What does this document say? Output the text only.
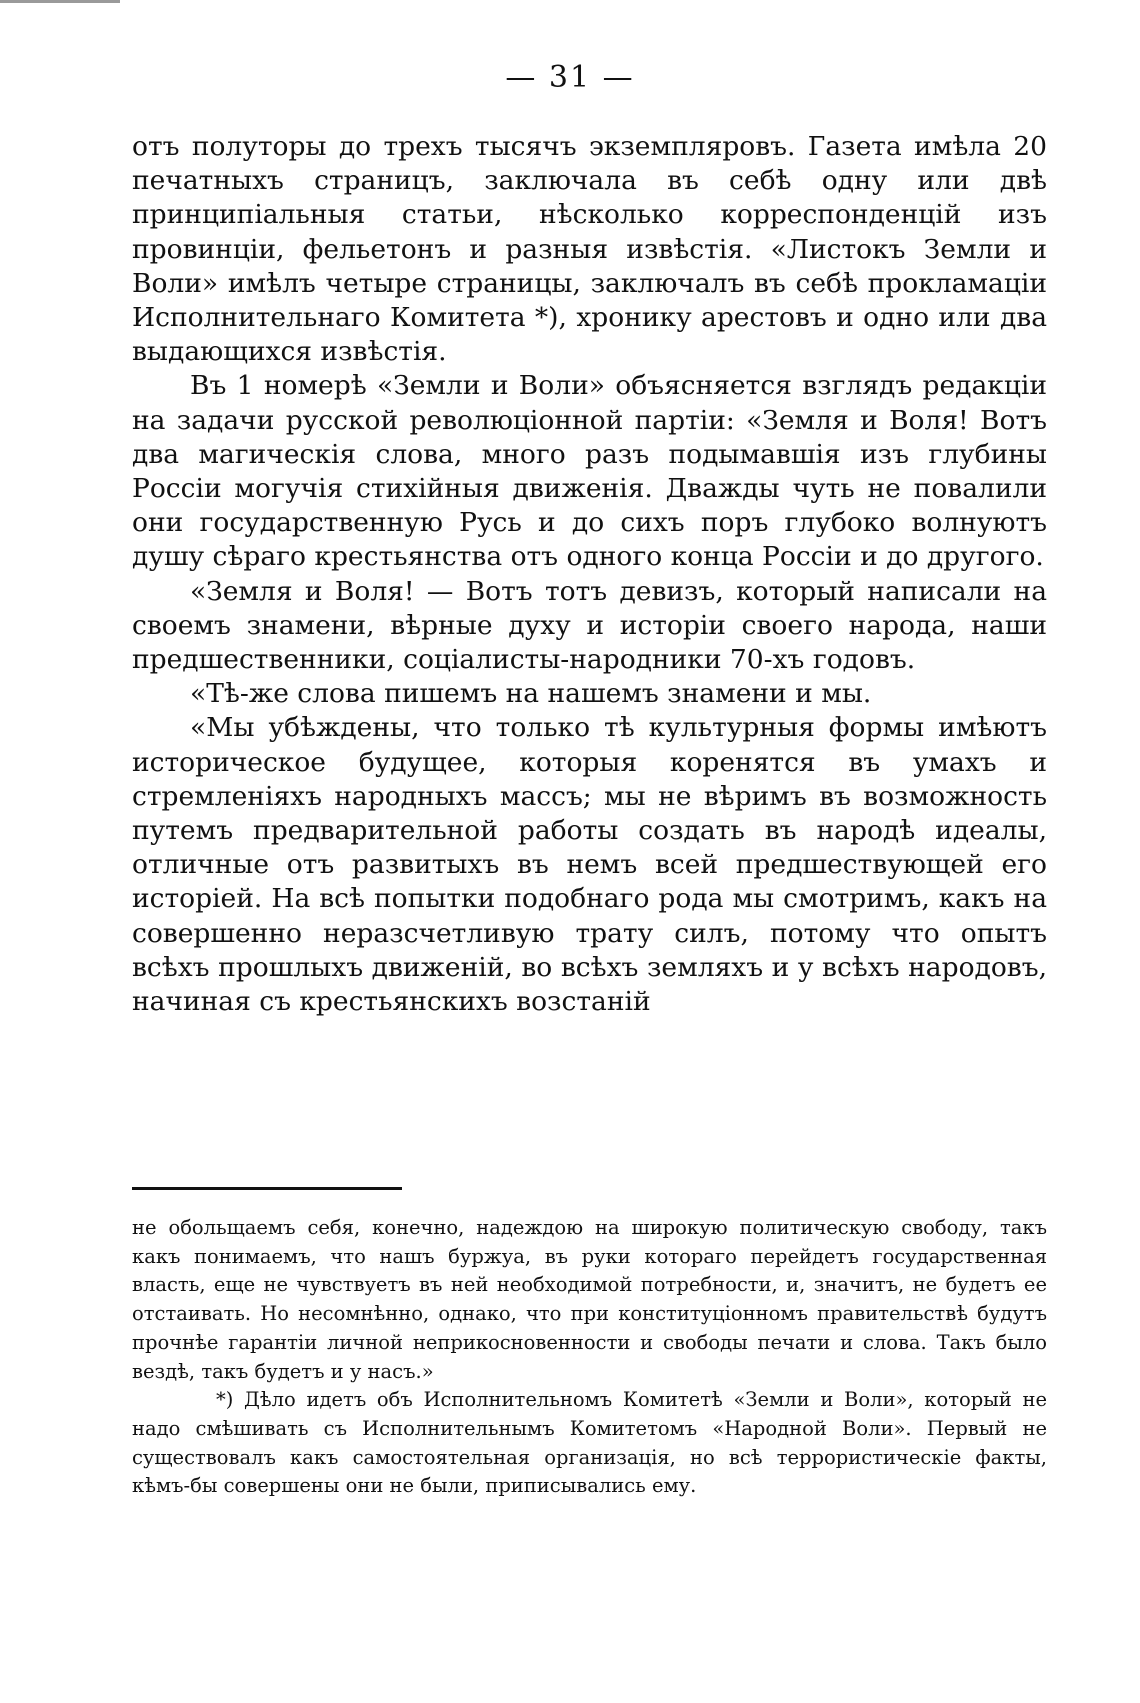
— 31 —

отъ полуторы до трехъ тысячъ экземпляровъ. Газета имѣла 20 печатныхъ страницъ, заключала въ себѣ одну или двѣ принципіальныя статьи, нѣсколько корреспонденцій изъ провинціи, фельетонъ и разныя извѣстія. «Листокъ Земли и Воли» имѣлъ четыре страницы, заключалъ въ себѣ прокламаціи Исполнительнаго Комитета *), хронику арестовъ и одно или два выдающихся извѣстія.

Въ 1 номерѣ «Земли и Воли» объясняется взглядъ редакціи на задачи русской революціонной партіи: «Земля и Воля! Вотъ два магическія слова, много разъ подымавшія изъ глубины Россіи могучія стихійныя движенія. Дважды чуть не повалили они государственную Русь и до сихъ поръ глубоко волнуютъ душу сѣраго крестьянства отъ одного конца Россіи и до другого.

«Земля и Воля! — Вотъ тотъ девизъ, который написали на своемъ знамени, вѣрные духу и исторіи своего народа, наши предшественники, соціалисты-народники 70-хъ годовъ.

«Тѣ-же слова пишемъ на нашемъ знамени и мы.

«Мы убѣждены, что только тѣ культурныя формы имѣютъ историческое будущее, которыя коренятся въ умахъ и стремленіяхъ народныхъ массъ; мы не вѣримъ въ возможность путемъ предварительной работы создать въ народѣ идеалы, отличные отъ развитыхъ въ немъ всей предшествующей его исторіей. На всѣ попытки подобнаго рода мы смотримъ, какъ на совершенно неразсчетливую трату силъ, потому что опытъ всѣхъ прошлыхъ движеній, во всѣхъ земляхъ и у всѣхъ народовъ, начиная съ крестьянскихъ возстаній

не обольщаемъ себя, конечно, надеждою на широкую политическую свободу, такъ какъ понимаемъ, что нашъ буржуа, въ руки котораго перейдетъ государственная власть, еще не чувствуетъ въ ней необходимой потребности, и, значитъ, не будетъ ее отстаивать. Но несомнѣнно, однако, что при конституціонномъ правительствѣ будутъ прочнѣе гарантіи личной неприкосновенности и свободы печати и слова. Такъ было вездѣ, такъ будетъ и у насъ.»

*) Дѣло идетъ объ Исполнительномъ Комитетѣ «Земли и Воли», который не надо смѣшивать съ Исполнительнымъ Комитетомъ «Народной Воли». Первый не существовалъ какъ самостоятельная организація, но всѣ террористическіе факты, кѣмъ-бы совершены они не были, приписывались ему.
